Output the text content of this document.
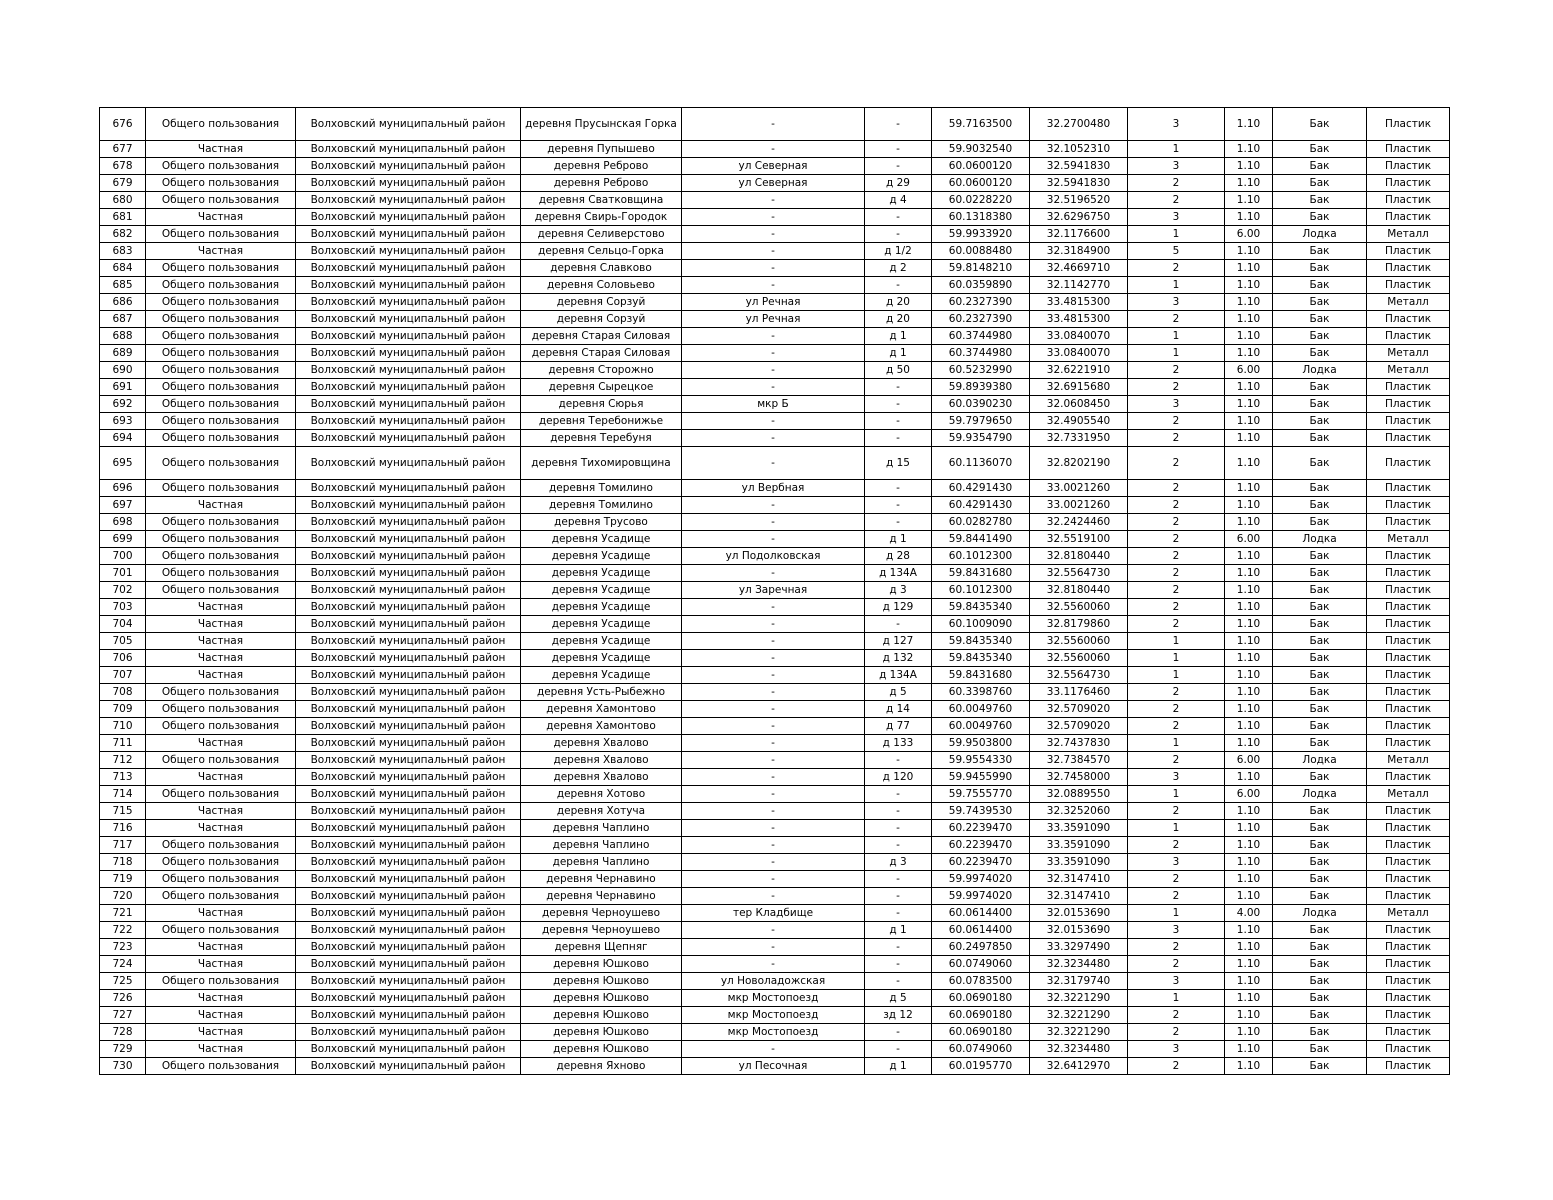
676	Общего пользования	Волховский муниципальный район	деревня Прусынская Горка	-	-	59.7163500	32.2700480	3	1.10	Бак	Пластик
677	Частная	Волховский муниципальный район	деревня Пупышево	-	-	59.9032540	32.1052310	1	1.10	Бак	Пластик
678	Общего пользования	Волховский муниципальный район	деревня Реброво	ул Северная	-	60.0600120	32.5941830	3	1.10	Бак	Пластик
679	Общего пользования	Волховский муниципальный район	деревня Реброво	ул Северная	д 29	60.0600120	32.5941830	2	1.10	Бак	Пластик
680	Общего пользования	Волховский муниципальный район	деревня Сватковщина	-	д 4	60.0228220	32.5196520	2	1.10	Бак	Пластик
681	Частная	Волховский муниципальный район	деревня Свирь-Городок	-	-	60.1318380	32.6296750	3	1.10	Бак	Пластик
682	Общего пользования	Волховский муниципальный район	деревня Селиверстово	-	-	59.9933920	32.1176600	1	6.00	Лодка	Металл
683	Частная	Волховский муниципальный район	деревня Сельцо-Горка	-	д 1/2	60.0088480	32.3184900	5	1.10	Бак	Пластик
684	Общего пользования	Волховский муниципальный район	деревня Славково	-	д 2	59.8148210	32.4669710	2	1.10	Бак	Пластик
685	Общего пользования	Волховский муниципальный район	деревня Соловьево	-	-	60.0359890	32.1142770	1	1.10	Бак	Пластик
686	Общего пользования	Волховский муниципальный район	деревня Сорзуй	ул Речная	д 20	60.2327390	33.4815300	3	1.10	Бак	Металл
687	Общего пользования	Волховский муниципальный район	деревня Сорзуй	ул Речная	д 20	60.2327390	33.4815300	2	1.10	Бак	Пластик
688	Общего пользования	Волховский муниципальный район	деревня Старая Силовая	-	д 1	60.3744980	33.0840070	1	1.10	Бак	Пластик
689	Общего пользования	Волховский муниципальный район	деревня Старая Силовая	-	д 1	60.3744980	33.0840070	1	1.10	Бак	Металл
690	Общего пользования	Волховский муниципальный район	деревня Сторожно	-	д 50	60.5232990	32.6221910	2	6.00	Лодка	Металл
691	Общего пользования	Волховский муниципальный район	деревня Сырецкое	-	-	59.8939380	32.6915680	2	1.10	Бак	Пластик
692	Общего пользования	Волховский муниципальный район	деревня Сюрья	мкр Б	-	60.0390230	32.0608450	3	1.10	Бак	Пластик
693	Общего пользования	Волховский муниципальный район	деревня Теребонижье	-	-	59.7979650	32.4905540	2	1.10	Бак	Пластик
694	Общего пользования	Волховский муниципальный район	деревня Теребуня	-	-	59.9354790	32.7331950	2	1.10	Бак	Пластик
695	Общего пользования	Волховский муниципальный район	деревня Тихомировщина	-	д 15	60.1136070	32.8202190	2	1.10	Бак	Пластик
696	Общего пользования	Волховский муниципальный район	деревня Томилино	ул Вербная	-	60.4291430	33.0021260	2	1.10	Бак	Пластик
697	Частная	Волховский муниципальный район	деревня Томилино	-	-	60.4291430	33.0021260	2	1.10	Бак	Пластик
698	Общего пользования	Волховский муниципальный район	деревня Трусово	-	-	60.0282780	32.2424460	2	1.10	Бак	Пластик
699	Общего пользования	Волховский муниципальный район	деревня Усадище	-	д 1	59.8441490	32.5519100	2	6.00	Лодка	Металл
700	Общего пользования	Волховский муниципальный район	деревня Усадище	ул Подолковская	д 28	60.1012300	32.8180440	2	1.10	Бак	Пластик
701	Общего пользования	Волховский муниципальный район	деревня Усадище	-	д 134А	59.8431680	32.5564730	2	1.10	Бак	Пластик
702	Общего пользования	Волховский муниципальный район	деревня Усадище	ул Заречная	д 3	60.1012300	32.8180440	2	1.10	Бак	Пластик
703	Частная	Волховский муниципальный район	деревня Усадище	-	д 129	59.8435340	32.5560060	2	1.10	Бак	Пластик
704	Частная	Волховский муниципальный район	деревня Усадище	-	-	60.1009090	32.8179860	2	1.10	Бак	Пластик
705	Частная	Волховский муниципальный район	деревня Усадище	-	д 127	59.8435340	32.5560060	1	1.10	Бак	Пластик
706	Частная	Волховский муниципальный район	деревня Усадище	-	д 132	59.8435340	32.5560060	1	1.10	Бак	Пластик
707	Частная	Волховский муниципальный район	деревня Усадище	-	д 134А	59.8431680	32.5564730	1	1.10	Бак	Пластик
708	Общего пользования	Волховский муниципальный район	деревня Усть-Рыбежно	-	д 5	60.3398760	33.1176460	2	1.10	Бак	Пластик
709	Общего пользования	Волховский муниципальный район	деревня Хамонтово	-	д 14	60.0049760	32.5709020	2	1.10	Бак	Пластик
710	Общего пользования	Волховский муниципальный район	деревня Хамонтово	-	д 77	60.0049760	32.5709020	2	1.10	Бак	Пластик
711	Частная	Волховский муниципальный район	деревня Хвалово	-	д 133	59.9503800	32.7437830	1	1.10	Бак	Пластик
712	Общего пользования	Волховский муниципальный район	деревня Хвалово	-	-	59.9554330	32.7384570	2	6.00	Лодка	Металл
713	Частная	Волховский муниципальный район	деревня Хвалово	-	д 120	59.9455990	32.7458000	3	1.10	Бак	Пластик
714	Общего пользования	Волховский муниципальный район	деревня Хотово	-	-	59.7555770	32.0889550	1	6.00	Лодка	Металл
715	Частная	Волховский муниципальный район	деревня Хотуча	-	-	59.7439530	32.3252060	2	1.10	Бак	Пластик
716	Частная	Волховский муниципальный район	деревня Чаплино	-	-	60.2239470	33.3591090	1	1.10	Бак	Пластик
717	Общего пользования	Волховский муниципальный район	деревня Чаплино	-	-	60.2239470	33.3591090	2	1.10	Бак	Пластик
718	Общего пользования	Волховский муниципальный район	деревня Чаплино	-	д 3	60.2239470	33.3591090	3	1.10	Бак	Пластик
719	Общего пользования	Волховский муниципальный район	деревня Чернавино	-	-	59.9974020	32.3147410	2	1.10	Бак	Пластик
720	Общего пользования	Волховский муниципальный район	деревня Чернавино	-	-	59.9974020	32.3147410	2	1.10	Бак	Пластик
721	Частная	Волховский муниципальный район	деревня Черноушево	тер Кладбище	-	60.0614400	32.0153690	1	4.00	Лодка	Металл
722	Общего пользования	Волховский муниципальный район	деревня Черноушево	-	д 1	60.0614400	32.0153690	3	1.10	Бак	Пластик
723	Частная	Волховский муниципальный район	деревня Щепняг	-	-	60.2497850	33.3297490	2	1.10	Бак	Пластик
724	Частная	Волховский муниципальный район	деревня Юшково	-	-	60.0749060	32.3234480	2	1.10	Бак	Пластик
725	Общего пользования	Волховский муниципальный район	деревня Юшково	ул Новоладожская	-	60.0783500	32.3179740	3	1.10	Бак	Пластик
726	Частная	Волховский муниципальный район	деревня Юшково	мкр Мостопоезд	д 5	60.0690180	32.3221290	1	1.10	Бак	Пластик
727	Частная	Волховский муниципальный район	деревня Юшково	мкр Мостопоезд	зд 12	60.0690180	32.3221290	2	1.10	Бак	Пластик
728	Частная	Волховский муниципальный район	деревня Юшково	мкр Мостопоезд	-	60.0690180	32.3221290	2	1.10	Бак	Пластик
729	Частная	Волховский муниципальный район	деревня Юшково	-	-	60.0749060	32.3234480	3	1.10	Бак	Пластик
730	Общего пользования	Волховский муниципальный район	деревня Яхново	ул Песочная	д 1	60.0195770	32.6412970	2	1.10	Бак	Пластик
